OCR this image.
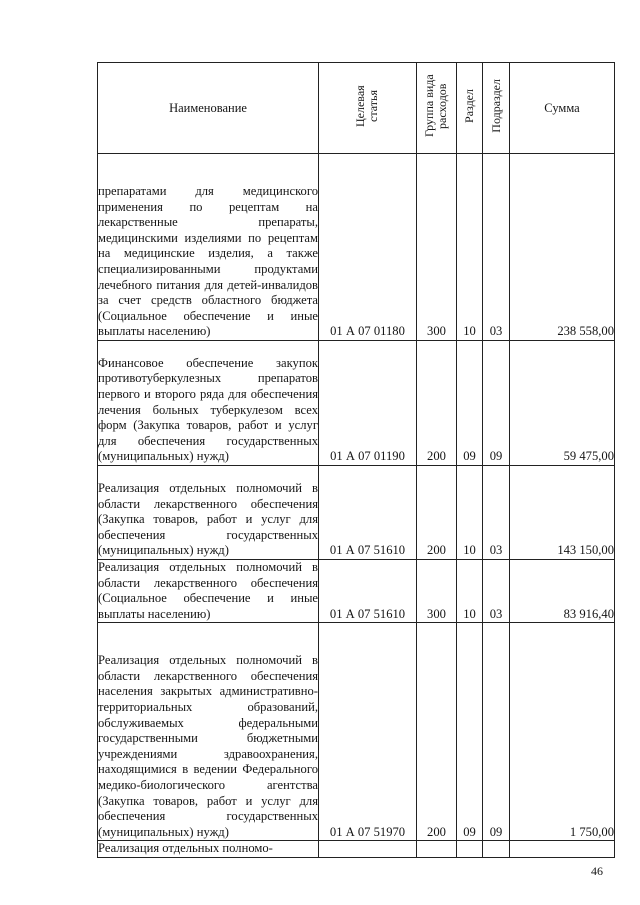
Наименование	Целевая статья	Группа вида расходов	Раздел	Подраздел	Сумма
препаратами для медицинского применения по рецептам на лекарственные препараты, медицинскими изделиями по рецептам на медицинские изделия, а также специализированными продуктами лечебного питания для детей-инвалидов за счет средств областного бюджета (Социальное обеспечение и иные выплаты населению)	01 А 07 01180	300	10	03	238 558,00
Финансовое обеспечение закупок противотуберкулезных препаратов первого и второго ряда для обеспечения лечения больных туберкулезом всех форм (Закупка товаров, работ и услуг для обеспечения государственных (муниципальных) нужд)	01 А 07 01190	200	09	09	59 475,00
Реализация отдельных полномочий в области лекарственного обеспечения (Закупка товаров, работ и услуг для обеспечения государственных (муниципальных) нужд)	01 А 07 51610	200	10	03	143 150,00
Реализация отдельных полномочий в области лекарственного обеспечения (Социальное обеспечение и иные выплаты населению)	01 А 07 51610	300	10	03	83 916,40
Реализация отдельных полномочий в области лекарственного обеспечения населения закрытых административно-территориальных образований, обслуживаемых федеральными государственными бюджетными учреждениями здравоохранения, находящимися в ведении Федерального медико-биологического агентства (Закупка товаров, работ и услуг для обеспечения государственных (муниципальных) нужд)	01 А 07 51970	200	09	09	1 750,00
Реализация отдельных полномо-					
46
